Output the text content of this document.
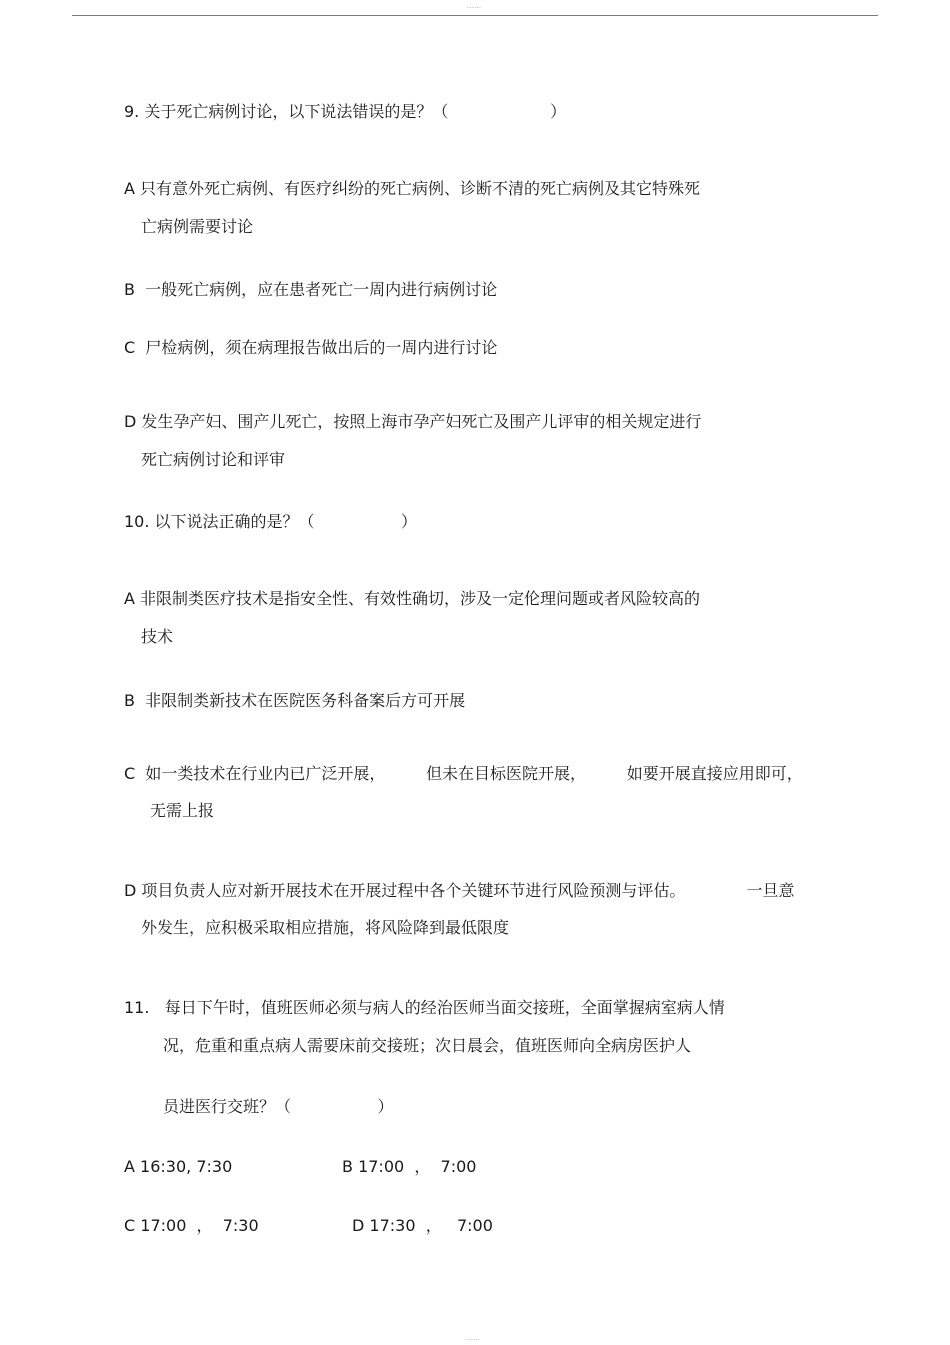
......
9. 关于死亡病例讨论，以下说法错误的是？（                    ）
A 只有意外死亡病例、有医疗纠纷的死亡病例、诊断不清的死亡病例及其它特殊死
亡病例需要讨论
B  一般死亡病例，应在患者死亡一周内进行病例讨论
C  尸检病例，须在病理报告做出后的一周内进行讨论
D 发生孕产妇、围产儿死亡，按照上海市孕产妇死亡及围产儿评审的相关规定进行
死亡病例讨论和评审
10. 以下说法正确的是？（                 ）
A 非限制类医疗技术是指安全性、有效性确切，涉及一定伦理问题或者风险较高的
技术
B  非限制类新技术在医院医务科备案后方可开展
C  如一类技术在行业内已广泛开展，        但未在目标医院开展，        如要开展直接应用即可，
无需上报
D 项目负责人应对新开展技术在开展过程中各个关键环节进行风险预测与评估。            一旦意
外发生，应积极采取相应措施，将风险降到最低限度
11.   每日下午时，值班医师必须与病人的经治医师当面交接班，全面掌握病室病人情
况，危重和重点病人需要床前交接班；次日晨会，值班医师向全病房医护人
员进医行交班？（                 ）
A 16:30, 7:30	B 17:00  ，  7:00
C 17:00  ，  7:30	D 17:30  ，   7:00
......
